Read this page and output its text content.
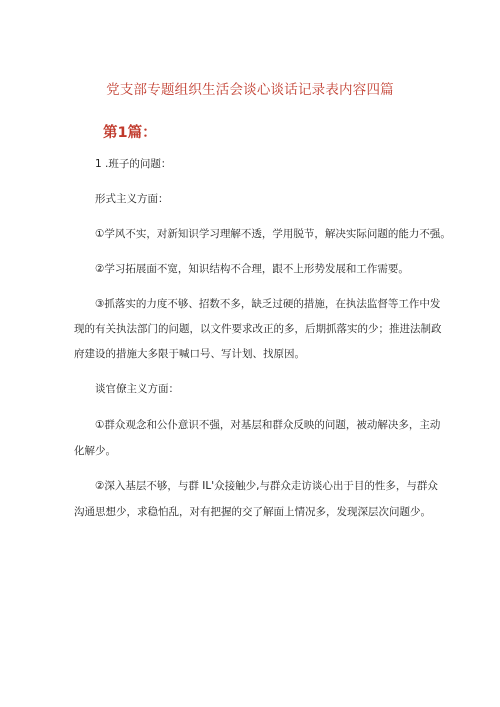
党支部专题组织生活会谈心谈话记录表内容四篇
第1篇：
1 .班子的问题：
形式主义方面：
①学风不实，对新知识学习理解不透，学用脱节，解决实际问题的能力不强。
②学习拓展面不宽，知识结构不合理，跟不上形势发展和工作需要。
③抓落实的力度不够、招数不多，缺乏过硬的措施，在执法监督等工作中发
现的有关执法部门的问题，以文件要求改正的多，后期抓落实的少；推进法制政
府建设的措施大多限于喊口号、写计划、找原因。
谈官僚主义方面：
①群众观念和公仆意识不强，对基层和群众反映的问题，被动解决多，主动
化解少。
②深入基层不够，与群 IL'众接触少,与群众走访谈心出于目的性多，与群众
沟通思想少，求稳怕乱，对有把握的交了解面上情况多，发现深层次问题少。
